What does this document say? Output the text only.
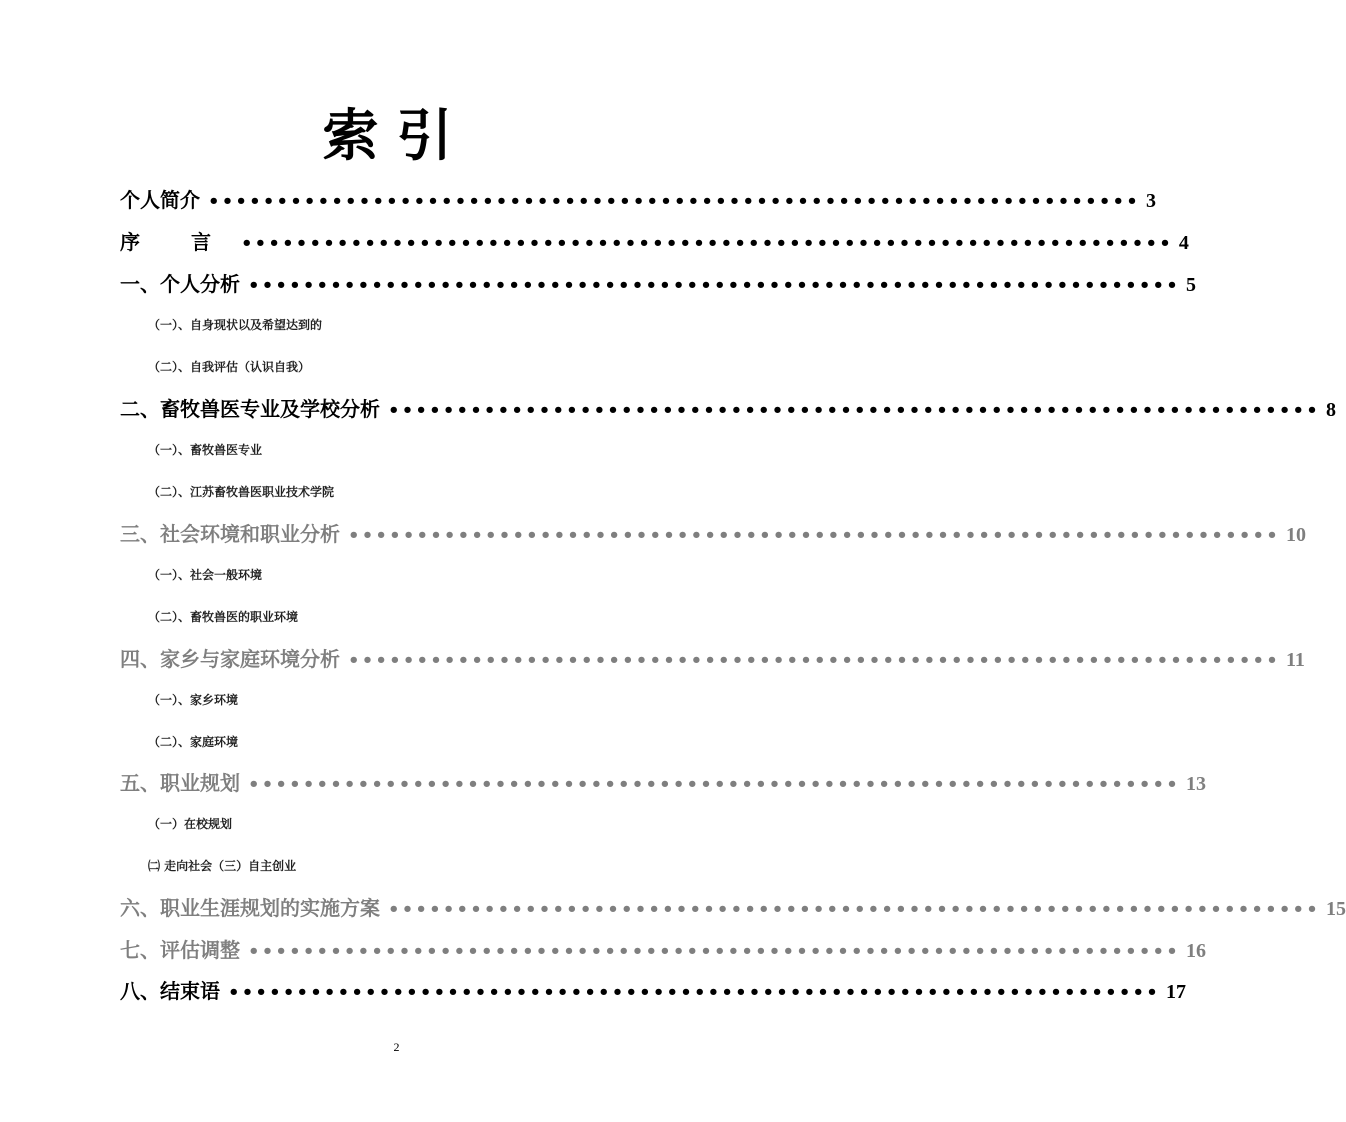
索引
个人简介 •••••••••••••••••••••••••••••••••••••••••••••••••••••••••••••••••••• 3
序 言 •••••••••••••••••••••••••••••••••••••••••••••••••••••••••••••••••••• 4
一、个人分析 •••••••••••••••••••••••••••••••••••••••••••••••••••••••••••••••••••• 5
（一）、自身现状以及希望达到的
（二）、自我评估（认识自我）
二、畜牧兽医专业及学校分析 •••••••••••••••••••••••••••••••••••••••••••••••••••••••••••••••••••• 8
（一）、畜牧兽医专业
（二）、江苏畜牧兽医职业技术学院
三、社会环境和职业分析 •••••••••••••••••••••••••••••••••••••••••••••••••••••••••••••••••••• 10
（一）、社会一般环境
（二）、畜牧兽医的职业环境
四、家乡与家庭环境分析 •••••••••••••••••••••••••••••••••••••••••••••••••••••••••••••••••••• 11
（一）、家乡环境
（二）、家庭环境
五、职业规划 •••••••••••••••••••••••••••••••••••••••••••••••••••••••••••••••••••• 13
（一）在校规划
㈡ 走向社会（三）自主创业
六、职业生涯规划的实施方案 •••••••••••••••••••••••••••••••••••••••••••••••••••••••••••••••••••• 15
七、评估调整 •••••••••••••••••••••••••••••••••••••••••••••••••••••••••••••••••••• 16
八、结束语 •••••••••••••••••••••••••••••••••••••••••••••••••••••••••••••••••••• 17
2
